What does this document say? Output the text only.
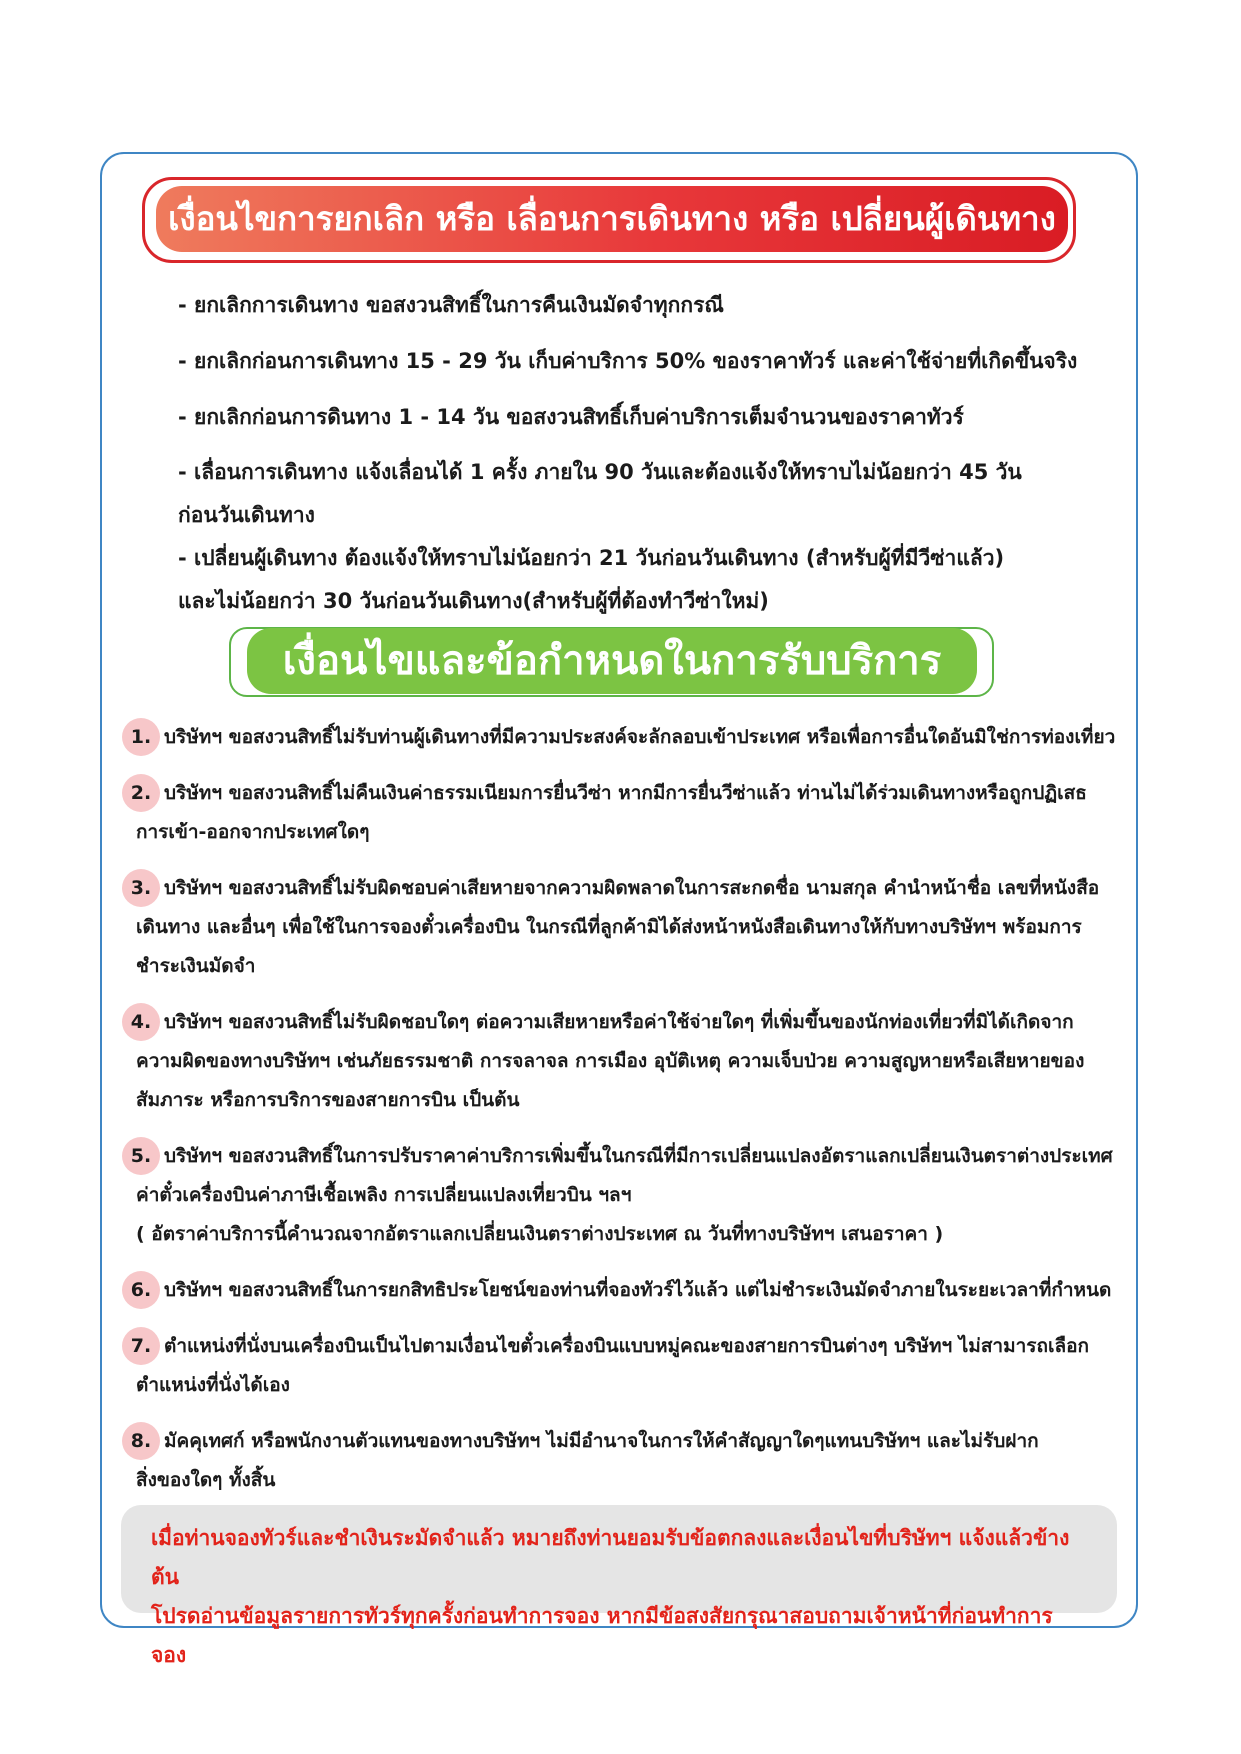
เงื่อนไขการยกเลิก หรือ เลื่อนการเดินทาง หรือ เปลี่ยนผู้เดินทาง

- ยกเลิกการเดินทาง ขอสงวนสิทธิ์ในการคืนเงินมัดจำทุกกรณี

- ยกเลิกก่อนการเดินทาง 15 - 29 วัน เก็บค่าบริการ 50% ของราคาทัวร์ และค่าใช้จ่ายที่เกิดขึ้นจริง

- ยกเลิกก่อนการดินทาง 1 - 14 วัน ขอสงวนสิทธิ์เก็บค่าบริการเต็มจำนวนของราคาทัวร์

- เลื่อนการเดินทาง แจ้งเลื่อนได้ 1 ครั้ง ภายใน 90 วันและต้องแจ้งให้ทราบไม่น้อยกว่า 45 วัน

ก่อนวันเดินทาง

- เปลี่ยนผู้เดินทาง ต้องแจ้งให้ทราบไม่น้อยกว่า 21 วันก่อนวันเดินทาง (สำหรับผู้ที่มีวีซ่าแล้ว)

และไม่น้อยกว่า 30 วันก่อนวันเดินทาง(สำหรับผู้ที่ต้องทำวีซ่าใหม่)

เงื่อนไขและข้อกำหนดในการรับบริการ
1. บริษัทฯ ขอสงวนสิทธิ์ไม่รับท่านผู้เดินทางที่มีความประสงค์จะลักลอบเข้าประเทศ หรือเพื่อการอื่นใดอันมิใช่การท่องเที่ยว
2. บริษัทฯ ขอสงวนสิทธิ์ไม่คืนเงินค่าธรรมเนียมการยื่นวีซ่า หากมีการยื่นวีซ่าแล้ว ท่านไม่ได้ร่วมเดินทางหรือถูกปฏิเสธ
การเข้า-ออกจากประเทศใดๆ
3. บริษัทฯ ขอสงวนสิทธิ์ไม่รับผิดชอบค่าเสียหายจากความผิดพลาดในการสะกดชื่อ นามสกุล คำนำหน้าชื่อ เลขที่หนังสือ
เดินทาง และอื่นๆ เพื่อใช้ในการจองตั๋วเครื่องบิน ในกรณีที่ลูกค้ามิได้ส่งหน้าหนังสือเดินทางให้กับทางบริษัทฯ พร้อมการ
ชำระเงินมัดจำ
4. บริษัทฯ ขอสงวนสิทธิ์ไม่รับผิดชอบใดๆ ต่อความเสียหายหรือค่าใช้จ่ายใดๆ ที่เพิ่มขึ้นของนักท่องเที่ยวที่มิได้เกิดจาก
ความผิดของทางบริษัทฯ เช่นภัยธรรมชาติ การจลาจล การเมือง อุบัติเหตุ ความเจ็บป่วย ความสูญหายหรือเสียหายของ
สัมภาระ หรือการบริการของสายการบิน เป็นต้น
5. บริษัทฯ ขอสงวนสิทธิ์ในการปรับราคาค่าบริการเพิ่มขึ้นในกรณีที่มีการเปลี่ยนแปลงอัตราแลกเปลี่ยนเงินตราต่างประเทศ
ค่าตั๋วเครื่องบินค่าภาษีเชื้อเพลิง การเปลี่ยนแปลงเที่ยวบิน ฯลฯ
( อัตราค่าบริการนี้คำนวณจากอัตราแลกเปลี่ยนเงินตราต่างประเทศ ณ วันที่ทางบริษัทฯ เสนอราคา )
6. บริษัทฯ ขอสงวนสิทธิ์ในการยกสิทธิประโยชน์ของท่านที่จองทัวร์ไว้แล้ว แต่ไม่ชำระเงินมัดจำภายในระยะเวลาที่กำหนด
7. ตำแหน่งที่นั่งบนเครื่องบินเป็นไปตามเงื่อนไขตั๋วเครื่องบินแบบหมู่คณะของสายการบินต่างๆ บริษัทฯ ไม่สามารถเลือก
ตำแหน่งที่นั่งได้เอง
8. มัคคุเทศก์ หรือพนักงานตัวแทนของทางบริษัทฯ ไม่มีอำนาจในการให้คำสัญญาใดๆแทนบริษัทฯ และไม่รับฝาก
สิ่งของใดๆ ทั้งสิ้น
เมื่อท่านจองทัวร์และชำเงินระมัดจำแล้ว หมายถึงท่านยอมรับข้อตกลงและเงื่อนไขที่บริษัทฯ แจ้งแล้วข้างต้น
โปรดอ่านข้อมูลรายการทัวร์ทุกครั้งก่อนทำการจอง หากมีข้อสงสัยกรุณาสอบถามเจ้าหน้าที่ก่อนทำการจอง
